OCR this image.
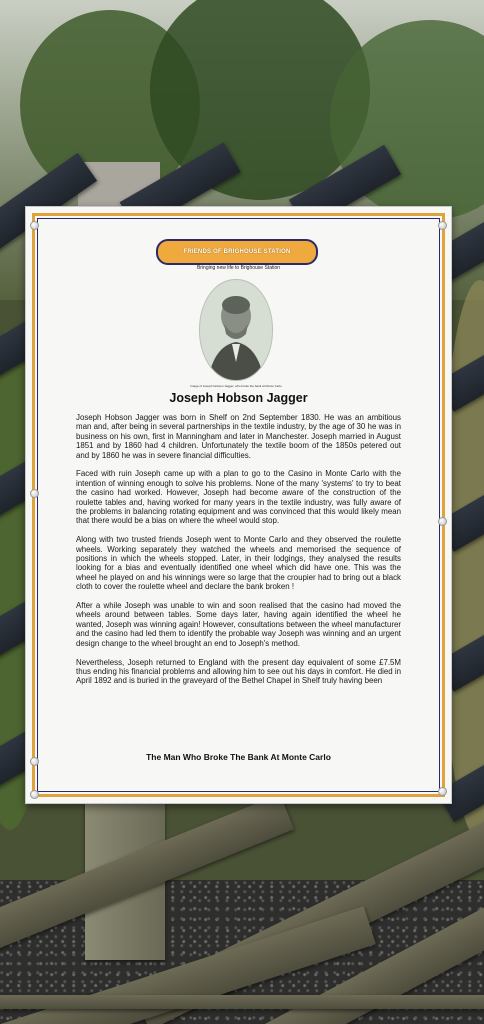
FRIENDS OF BRIGHOUSE STATION
Bringing new life to Brighouse Station
Image of Joseph Hobson Jagger, who broke the bank at Monte Carlo
Joseph Hobson Jagger

Joseph Hobson Jagger was born in Shelf on 2nd September 1830. He was an ambitious man and, after being in several partnerships in the textile industry, by the age of 30 he was in business on his own, first in Manningham and later in Manchester. Joseph married in August 1851 and by 1860 had 4 children. Unfortunately the textile boom of the 1850s petered out and by 1860 he was in severe financial difficulties.

Faced with ruin Joseph came up with a plan to go to the Casino in Monte Carlo with the intention of winning enough to solve his problems. None of the many 'systems' to try to beat the casino had worked. However, Joseph had become aware of the construction of the roulette tables and, having worked for many years in the textile industry, was fully aware of the problems in balancing rotating equipment and was convinced that this would likely mean that there would be a bias on where the wheel would stop.

Along with two trusted friends Joseph went to Monte Carlo and they observed the roulette wheels. Working separately they watched the wheels and memorised the sequence of positions in which the wheels stopped. Later, in their lodgings, they analysed the results looking for a bias and eventually identified one wheel which did have one. This was the wheel he played on and his winnings were so large that the croupier had to bring out a black cloth to cover the roulette wheel and declare the bank broken !

After a while Joseph was unable to win and soon realised that the casino had moved the wheels around between tables. Some days later, having again identified the wheel he wanted, Joseph was winning again! However, consultations between the wheel manufacturer and the casino had led them to identify the probable way Joseph was winning and an urgent design change to the wheel brought an end to Joseph's method.

Nevertheless, Joseph returned to England with the present day equivalent of some £7.5M thus ending his financial problems and allowing him to see out his days in comfort. He died in April 1892 and is buried in the graveyard of the Bethel Chapel in Shelf truly having been

The Man Who Broke The Bank At Monte Carlo
